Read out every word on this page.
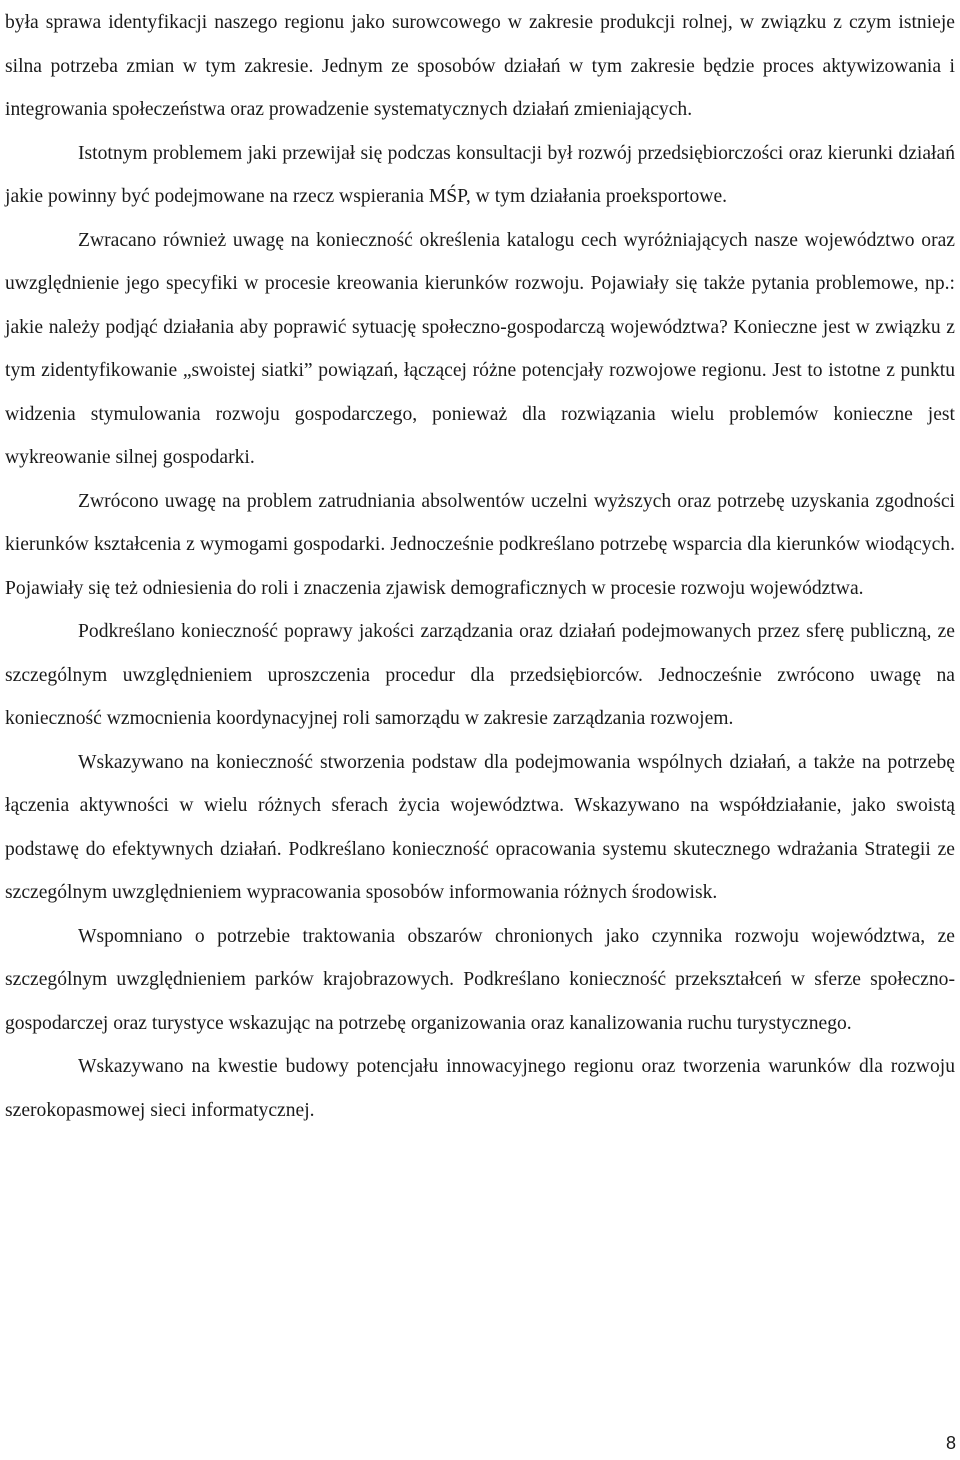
była sprawa identyfikacji naszego regionu jako surowcowego w zakresie produkcji rolnej, w związku z czym istnieje silna potrzeba zmian w tym zakresie. Jednym ze sposobów działań w tym zakresie będzie proces aktywizowania i integrowania społeczeństwa oraz prowadzenie systematycznych działań zmieniających.

Istotnym problemem jaki przewijał się podczas konsultacji był rozwój przedsiębiorczości oraz kierunki działań jakie powinny być podejmowane na rzecz wspierania MŚP, w tym działania proeksportowe.

Zwracano również uwagę na konieczność określenia katalogu cech wyróżniających nasze województwo oraz uwzględnienie jego specyfiki w procesie kreowania kierunków rozwoju. Pojawiały się także pytania problemowe, np.: jakie należy podjąć działania aby poprawić sytuację społeczno-gospodarczą województwa? Konieczne jest w związku z tym zidentyfikowanie „swoistej siatki” powiązań, łączącej różne potencjały rozwojowe regionu. Jest to istotne z punktu widzenia stymulowania rozwoju gospodarczego, ponieważ dla rozwiązania wielu problemów konieczne jest wykreowanie silnej gospodarki.

Zwrócono uwagę na problem zatrudniania absolwentów uczelni wyższych oraz potrzebę uzyskania zgodności kierunków kształcenia z wymogami gospodarki. Jednocześnie podkreślano potrzebę wsparcia dla kierunków wiodących. Pojawiały się też odniesienia do roli i znaczenia zjawisk demograficznych w procesie rozwoju województwa.

Podkreślano konieczność poprawy jakości zarządzania oraz działań podejmowanych przez sferę publiczną, ze szczególnym uwzględnieniem uproszczenia procedur dla przedsiębiorców. Jednocześnie zwrócono uwagę na konieczność wzmocnienia koordynacyjnej roli samorządu w zakresie zarządzania rozwojem.

Wskazywano na konieczność stworzenia podstaw dla podejmowania wspólnych działań, a także na potrzebę łączenia aktywności w wielu różnych sferach życia województwa. Wskazywano na współdziałanie, jako swoistą podstawę do efektywnych działań. Podkreślano konieczność opracowania systemu skutecznego wdrażania Strategii ze szczególnym uwzględnieniem wypracowania sposobów informowania różnych środowisk.

Wspomniano o potrzebie traktowania obszarów chronionych jako czynnika rozwoju województwa, ze szczególnym uwzględnieniem parków krajobrazowych. Podkreślano konieczność przekształceń w sferze społeczno-gospodarczej oraz turystyce wskazując na potrzebę organizowania oraz kanalizowania ruchu turystycznego.

Wskazywano na kwestie budowy potencjału innowacyjnego regionu oraz tworzenia warunków dla rozwoju szerokopasmowej sieci informatycznej.

8
